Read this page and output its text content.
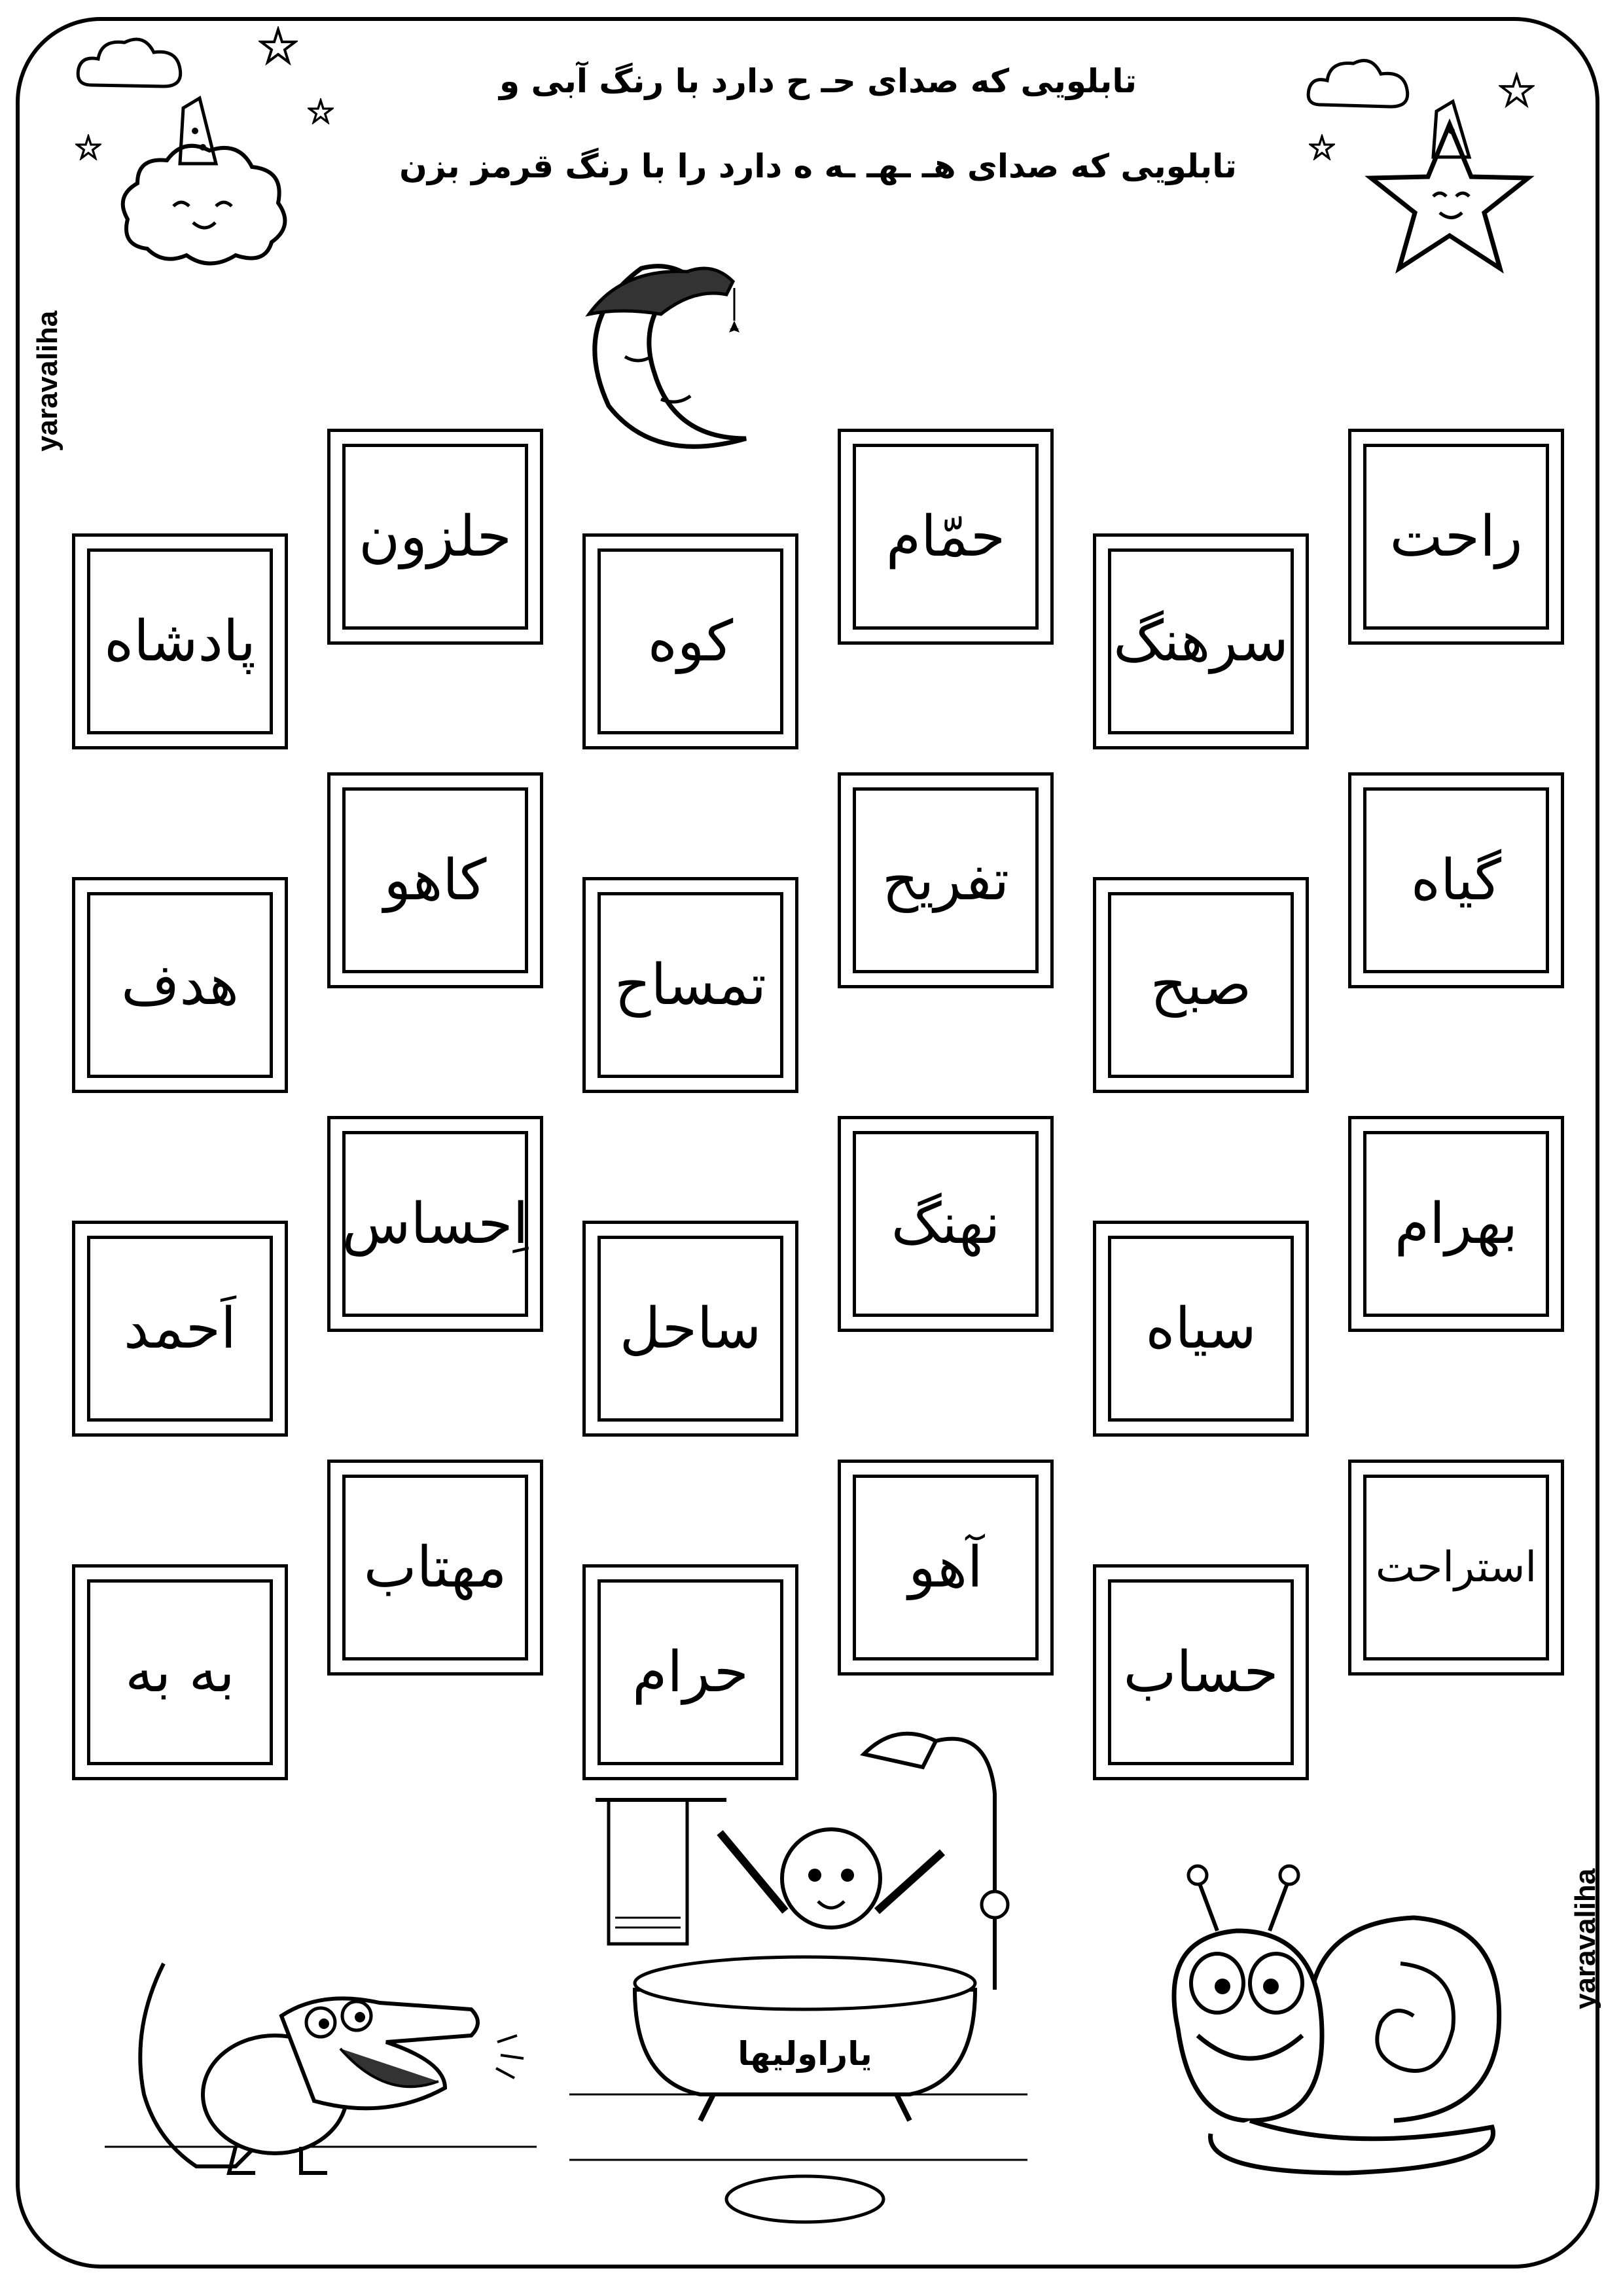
تابلویی که صدای حـ ح دارد با رنگ آبی و
تابلویی که صدای هـ ـهـ ـه ه دارد را با رنگ قرمز بزن
yaravaliha
yaravaliha
راحت
سرهنگ
حمّام
کوه
حلزون
پادشاه
گیاه
صبح
تفریح
تمساح
کاهو
هدف
بهرام
سیاه
نهنگ
ساحل
اِحساس
اَحمد
استراحت
حساب
آهو
حرام
مهتاب
به به
یاراولیها
